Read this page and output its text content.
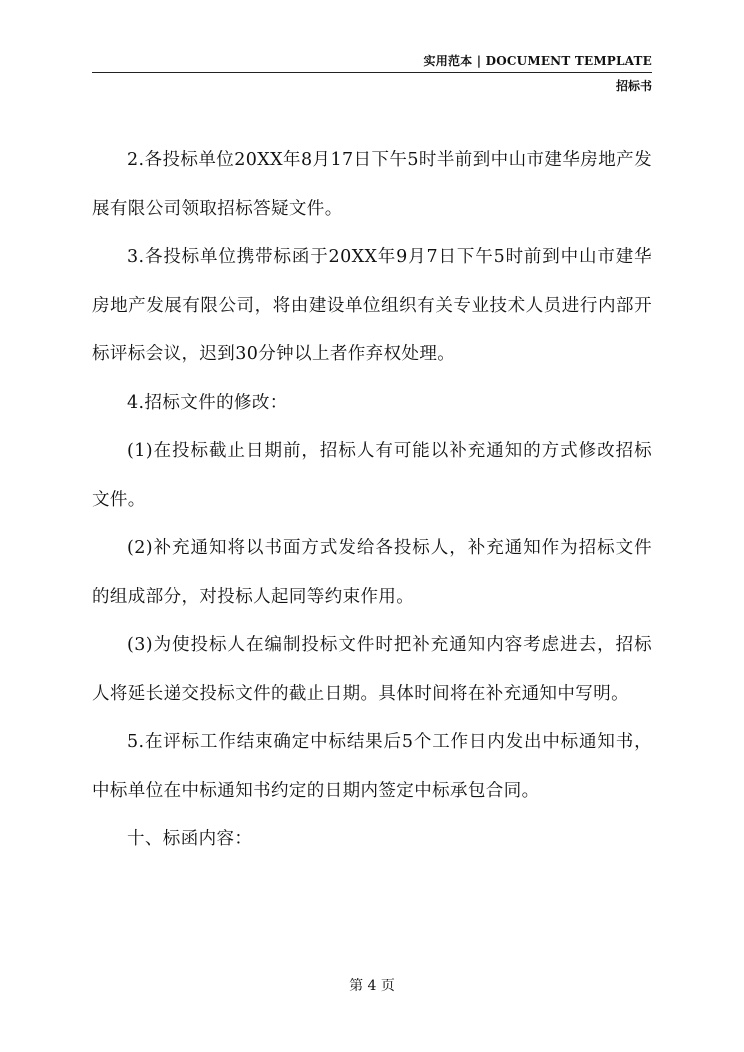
实用范本 | DOCUMENT TEMPLATE
招标书

2.各投标单位20XX年8月17日下午5时半前到中山市建华房地产发展有限公司领取招标答疑文件。

3.各投标单位携带标函于20XX年9月7日下午5时前到中山市建华房地产发展有限公司，将由建设单位组织有关专业技术人员进行内部开标评标会议，迟到30分钟以上者作弃权处理。

4.招标文件的修改：

(1)在投标截止日期前，招标人有可能以补充通知的方式修改招标文件。

(2)补充通知将以书面方式发给各投标人，补充通知作为招标文件的组成部分，对投标人起同等约束作用。

(3)为使投标人在编制投标文件时把补充通知内容考虑进去，招标人将延长递交投标文件的截止日期。具体时间将在补充通知中写明。

5.在评标工作结束确定中标结果后5个工作日内发出中标通知书，中标单位在中标通知书约定的日期内签定中标承包合同。

十、标函内容：

第 4 页
